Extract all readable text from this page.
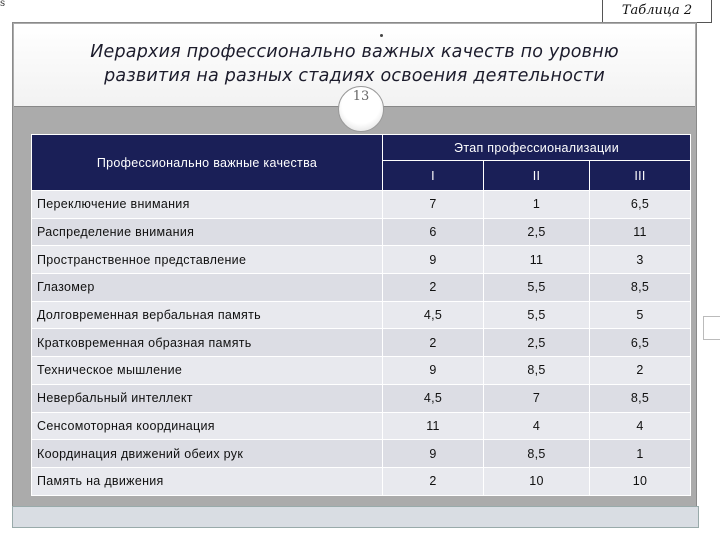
s	Таблица 2
Иерархия профессионально важных качеств по уровню
развития на разных стадиях освоения деятельности
13
Профессионально важные качества	Этап профессионализации		
	I	II	III
Переключение внимания	7	1	6,5
Распределение внимания	6	2,5	11
Пространственное представление	9	11	3
Глазомер	2	5,5	8,5
Долговременная вербальная память	4,5	5,5	5
Кратковременная образная память	2	2,5	6,5
Техническое мышление	9	8,5	2
Невербальный интеллект	4,5	7	8,5
Сенсомоторная координация	11	4	4
Координация движений обеих рук	9	8,5	1
Память на движения	2	10	10
